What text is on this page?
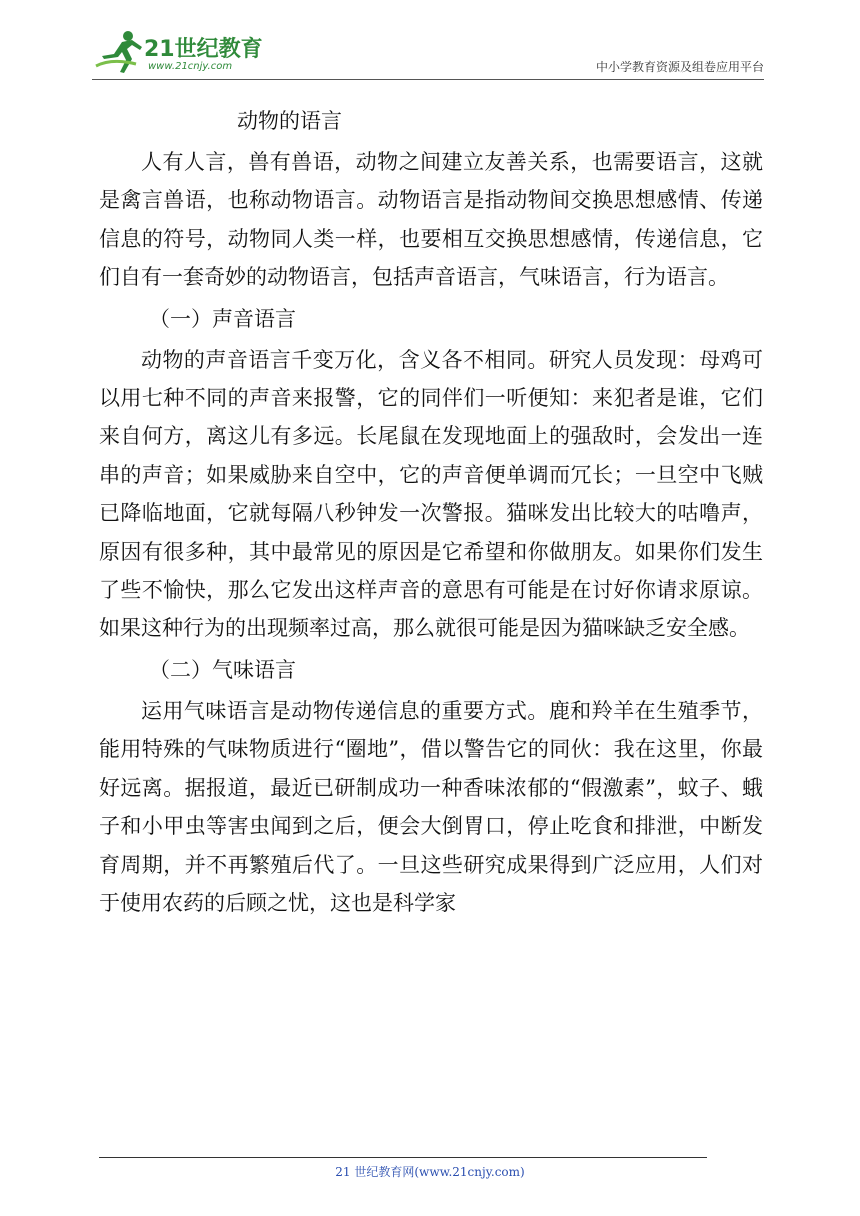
21世纪教育
www.21cnjy.com	中小学教育资源及组卷应用平台

动物的语言

人有人言，兽有兽语，动物之间建立友善关系，也需要语言，这就是禽言兽语，也称动物语言。动物语言是指动物间交换思想感情、传递信息的符号，动物同人类一样，也要相互交换思想感情，传递信息，它们自有一套奇妙的动物语言，包括声音语言，气味语言，行为语言。

（一）声音语言

动物的声音语言千变万化，含义各不相同。研究人员发现：母鸡可以用七种不同的声音来报警，它的同伴们一听便知：来犯者是谁，它们来自何方，离这儿有多远。长尾鼠在发现地面上的强敌时，会发出一连串的声音；如果威胁来自空中，它的声音便单调而冗长；一旦空中飞贼已降临地面，它就每隔八秒钟发一次警报。猫咪发出比较大的咕噜声，原因有很多种，其中最常见的原因是它希望和你做朋友。如果你们发生了些不愉快，那么它发出这样声音的意思有可能是在讨好你请求原谅。如果这种行为的出现频率过高，那么就很可能是因为猫咪缺乏安全感。

（二）气味语言

运用气味语言是动物传递信息的重要方式。鹿和羚羊在生殖季节，能用特殊的气味物质进行“圈地”，借以警告它的同伙：我在这里，你最好远离。据报道，最近已研制成功一种香味浓郁的“假激素”，蚊子、蛾子和小甲虫等害虫闻到之后，便会大倒胃口，停止吃食和排泄，中断发育周期，并不再繁殖后代了。一旦这些研究成果得到广泛应用，人们对于使用农药的后顾之忧，这也是科学家

21 世纪教育网(www.21cnjy.com)
